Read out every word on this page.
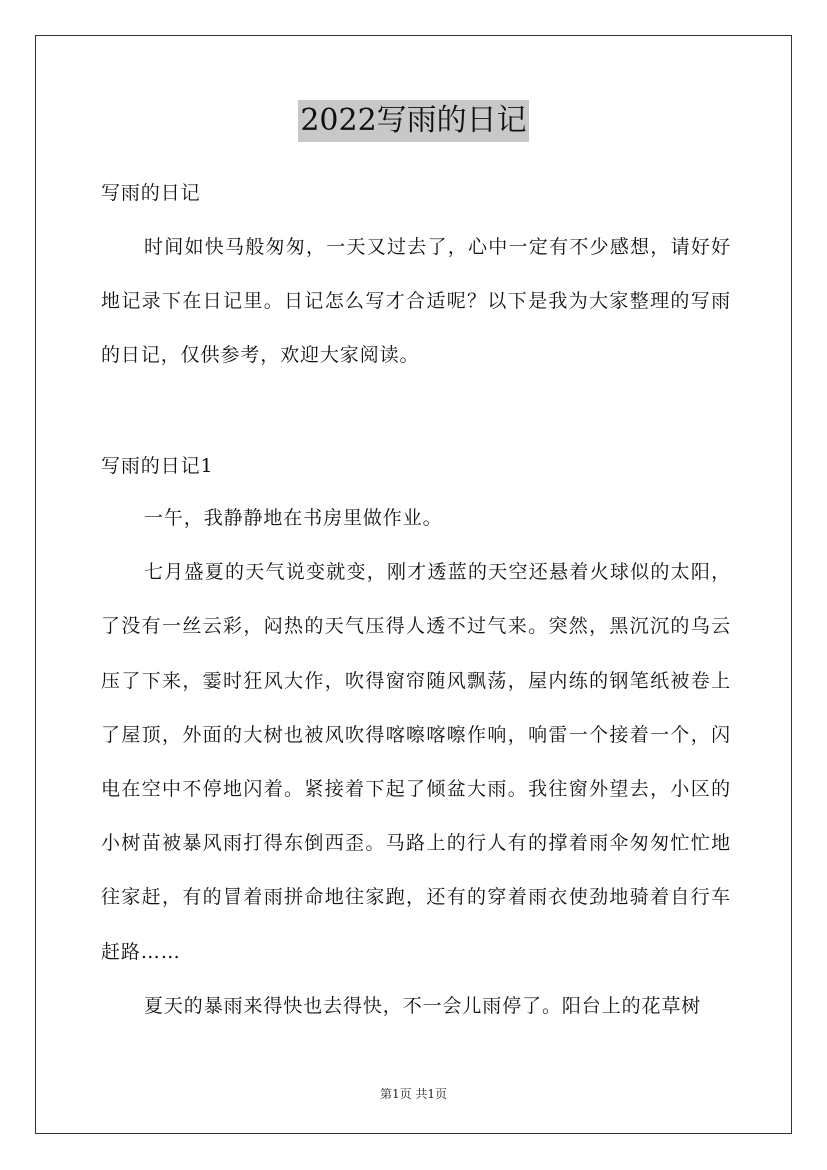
2022写雨的日记
写雨的日记

时间如快马般匆匆，一天又过去了，心中一定有不少感想，请好好地记录下在日记里。日记怎么写才合适呢？以下是我为大家整理的写雨的日记，仅供参考，欢迎大家阅读。

写雨的日记1

一午，我静静地在书房里做作业。

七月盛夏的天气说变就变，刚才透蓝的天空还悬着火球似的太阳，了没有一丝云彩，闷热的天气压得人透不过气来。突然，黑沉沉的乌云压了下来，霎时狂风大作，吹得窗帘随风飘荡，屋内练的钢笔纸被卷上了屋顶，外面的大树也被风吹得喀嚓喀嚓作响，响雷一个接着一个，闪电在空中不停地闪着。紧接着下起了倾盆大雨。我往窗外望去，小区的小树苗被暴风雨打得东倒西歪。马路上的行人有的撑着雨伞匆匆忙忙地往家赶，有的冒着雨拼命地往家跑，还有的穿着雨衣使劲地骑着自行车赶路……

夏天的暴雨来得快也去得快，不一会儿雨停了。阳台上的花草树

第1页 共1页
